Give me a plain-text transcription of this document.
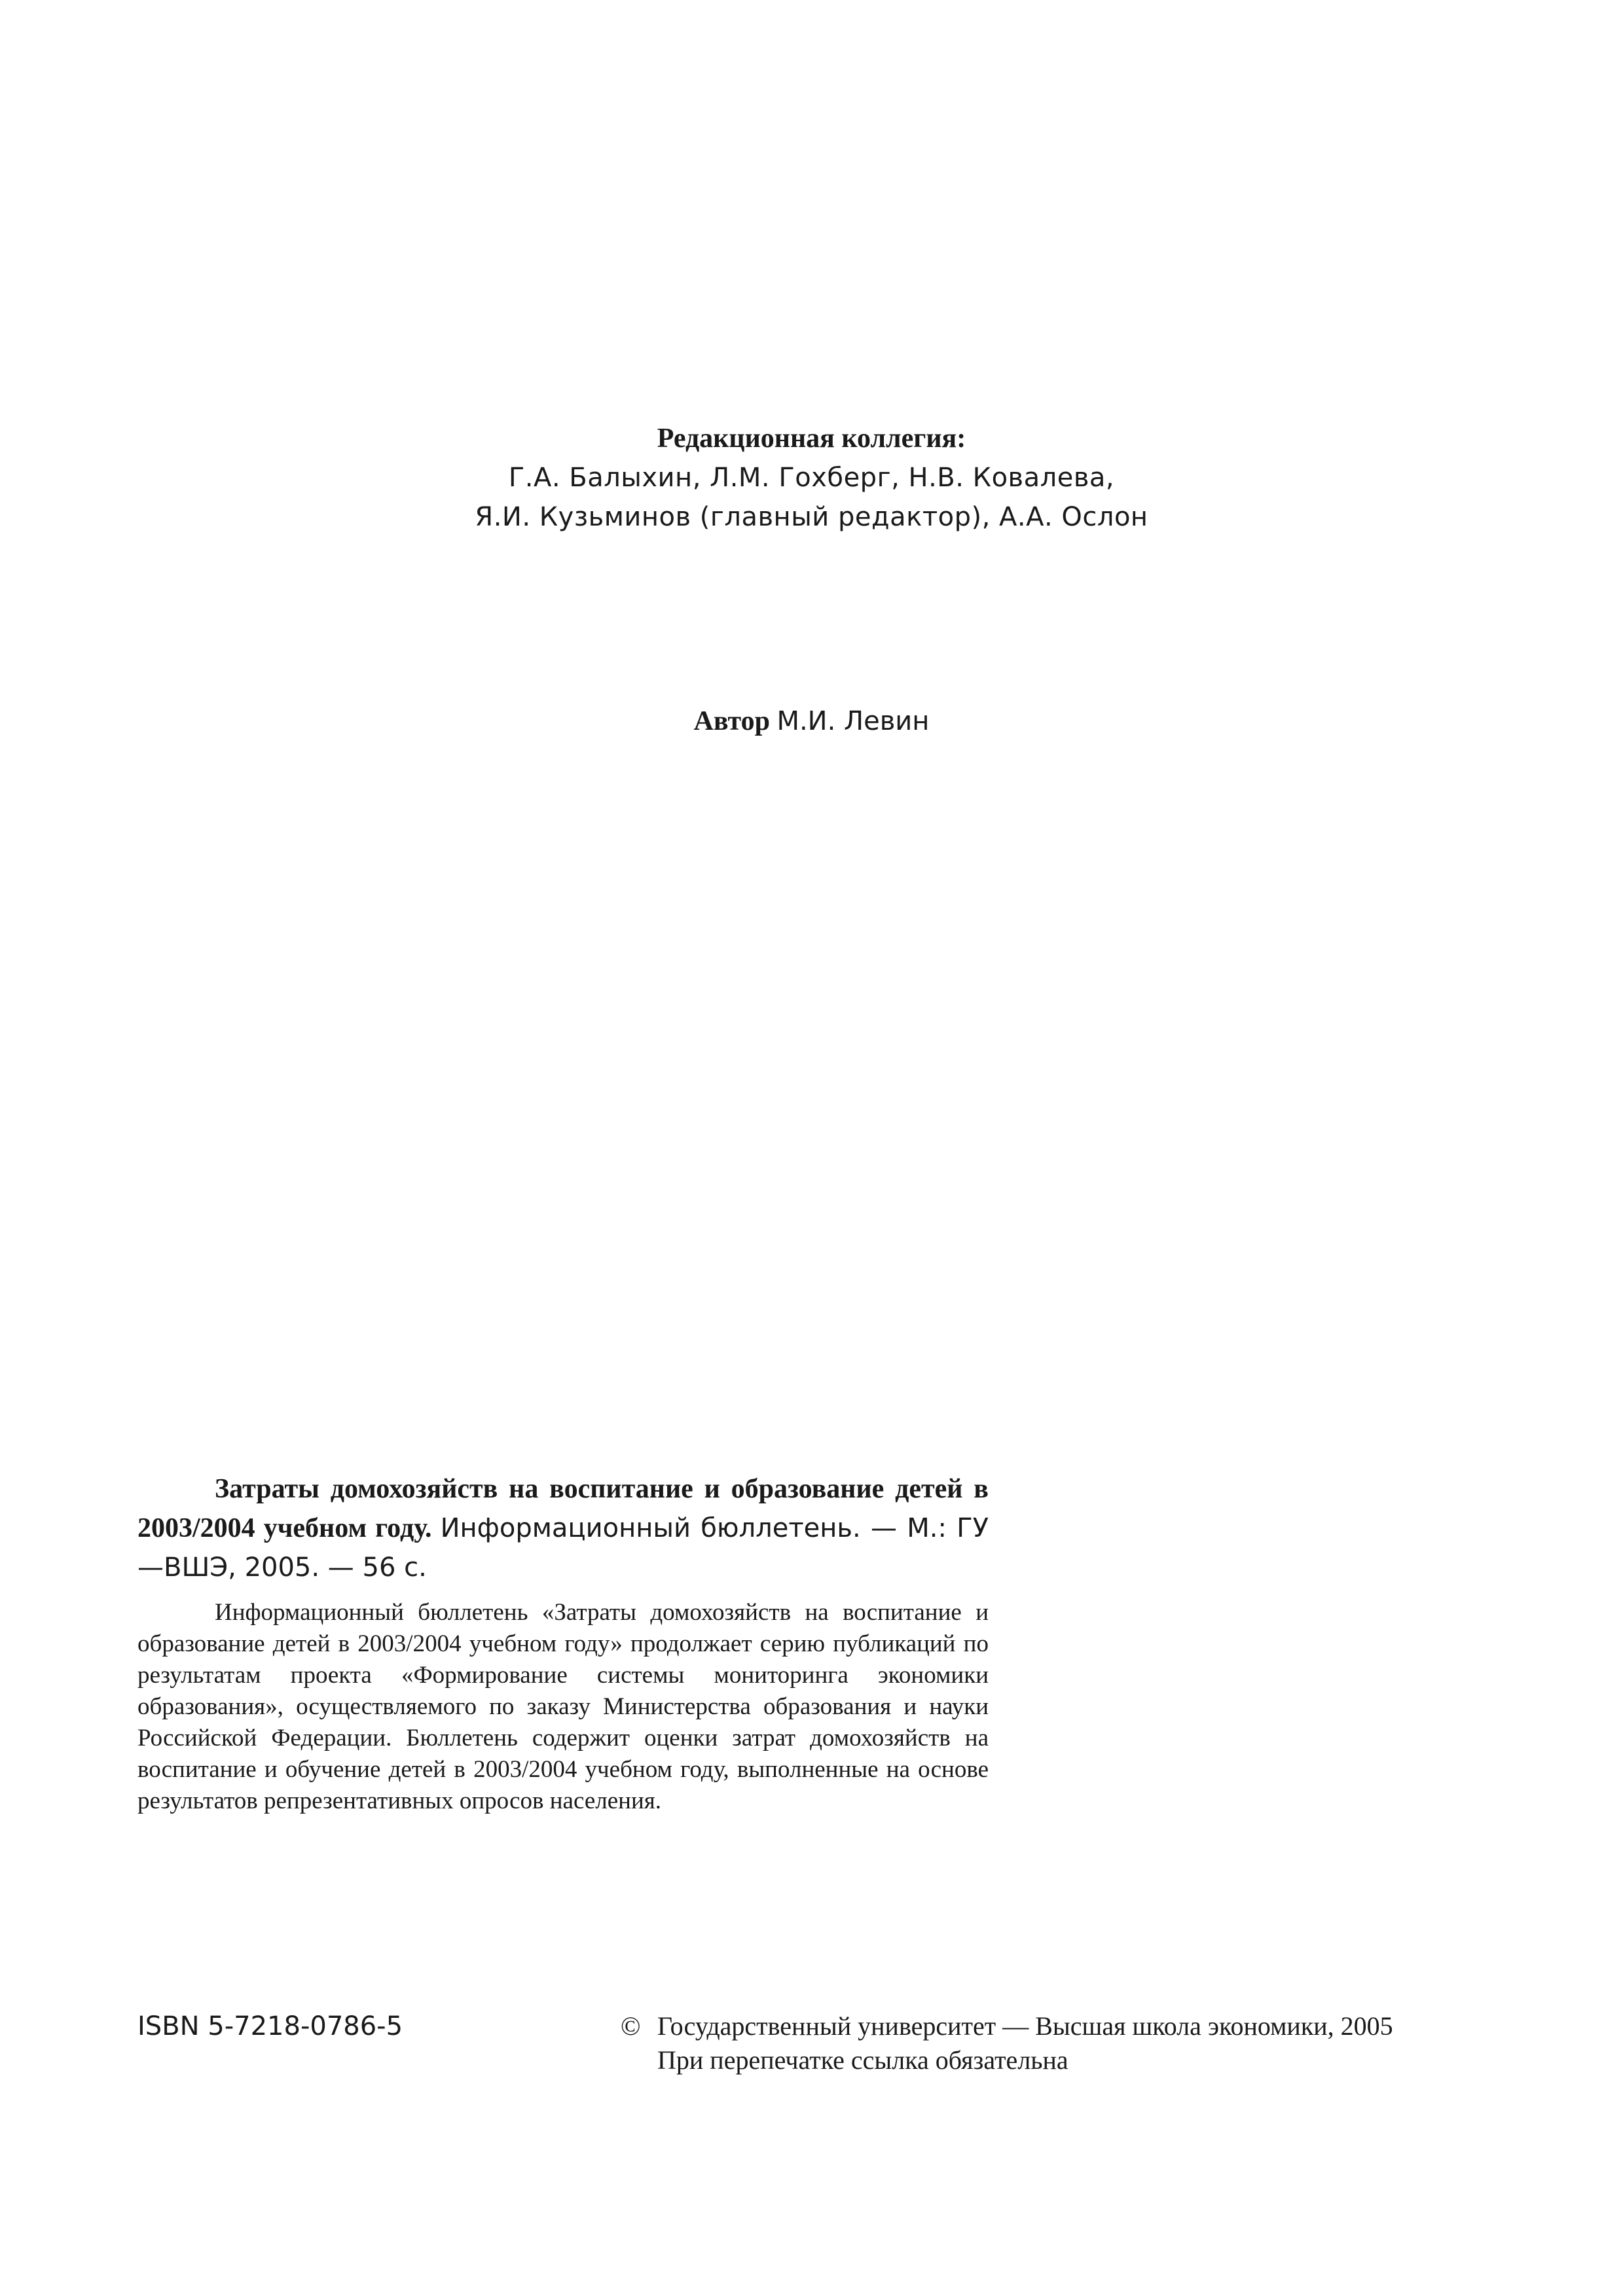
Редакционная коллегия:
Г.А. Балыхин, Л.М. Гохберг, Н.В. Ковалева,
Я.И. Кузьминов (главный редактор), А.А. Ослон
Автор М.И. Левин
Затраты домохозяйств на воспитание и образование детей в 2003/2004 учебном году. Информационный бюллетень. — М.: ГУ—ВШЭ, 2005. — 56 с.
Информационный бюллетень «Затраты домохозяйств на воспитание и образование детей в 2003/2004 учебном году» продолжает серию публикаций по результатам проекта «Формирование системы мониторинга экономики образования», осуществляемого по заказу Министерства образования и науки Российской Федерации. Бюллетень содержит оценки затрат домохозяйств на воспитание и обучение детей в 2003/2004 учебном году, выполненные на основе результатов репрезентативных опросов населения.
ISBN 5-7218-0786-5	© Государственный университет — Высшая школа экономики, 2005
При перепечатке ссылка обязательна
